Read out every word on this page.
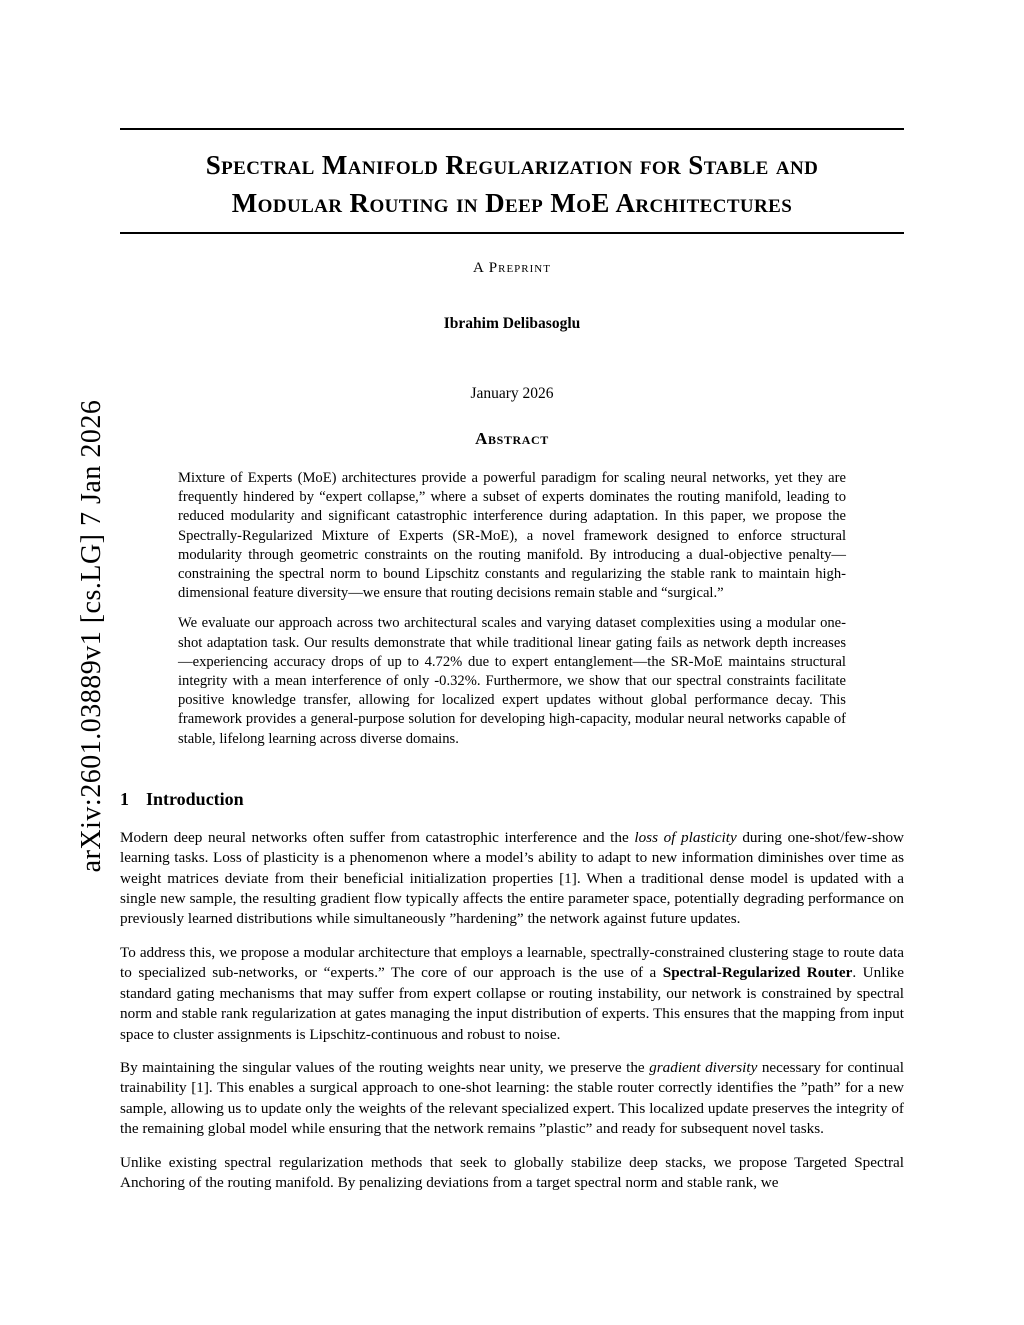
arXiv:2601.03889v1 [cs.LG] 7 Jan 2026
Spectral Manifold Regularization for Stable and
Modular Routing in Deep MoE Architectures
A Preprint
Ibrahim Delibasoglu
January 2026
Abstract

Mixture of Experts (MoE) architectures provide a powerful paradigm for scaling neural networks, yet they are frequently hindered by “expert collapse,” where a subset of experts dominates the routing manifold, leading to reduced modularity and significant catastrophic interference during adaptation. In this paper, we propose the Spectrally-Regularized Mixture of Experts (SR-MoE), a novel framework designed to enforce structural modularity through geometric constraints on the routing manifold. By introducing a dual-objective penalty—constraining the spectral norm to bound Lipschitz constants and regularizing the stable rank to maintain high-dimensional feature diversity—we ensure that routing decisions remain stable and “surgical.”

We evaluate our approach across two architectural scales and varying dataset complexities using a modular one-shot adaptation task. Our results demonstrate that while traditional linear gating fails as network depth increases—experiencing accuracy drops of up to 4.72% due to expert entanglement—the SR-MoE maintains structural integrity with a mean interference of only -0.32%. Furthermore, we show that our spectral constraints facilitate positive knowledge transfer, allowing for localized expert updates without global performance decay. This framework provides a general-purpose solution for developing high-capacity, modular neural networks capable of stable, lifelong learning across diverse domains.

1 Introduction

Modern deep neural networks often suffer from catastrophic interference and the loss of plasticity during one-shot/few-show learning tasks. Loss of plasticity is a phenomenon where a model’s ability to adapt to new information diminishes over time as weight matrices deviate from their beneficial initialization properties [1]. When a traditional dense model is updated with a single new sample, the resulting gradient flow typically affects the entire parameter space, potentially degrading performance on previously learned distributions while simultaneously ”hardening” the network against future updates.

To address this, we propose a modular architecture that employs a learnable, spectrally-constrained clustering stage to route data to specialized sub-networks, or “experts.” The core of our approach is the use of a Spectral-Regularized Router. Unlike standard gating mechanisms that may suffer from expert collapse or routing instability, our network is constrained by spectral norm and stable rank regularization at gates managing the input distribution of experts. This ensures that the mapping from input space to cluster assignments is Lipschitz-continuous and robust to noise.

By maintaining the singular values of the routing weights near unity, we preserve the gradient diversity necessary for continual trainability [1]. This enables a surgical approach to one-shot learning: the stable router correctly identifies the ”path” for a new sample, allowing us to update only the weights of the relevant specialized expert. This localized update preserves the integrity of the remaining global model while ensuring that the network remains ”plastic” and ready for subsequent novel tasks.

Unlike existing spectral regularization methods that seek to globally stabilize deep stacks, we propose Targeted Spectral Anchoring of the routing manifold. By penalizing deviations from a target spectral norm and stable rank, we
